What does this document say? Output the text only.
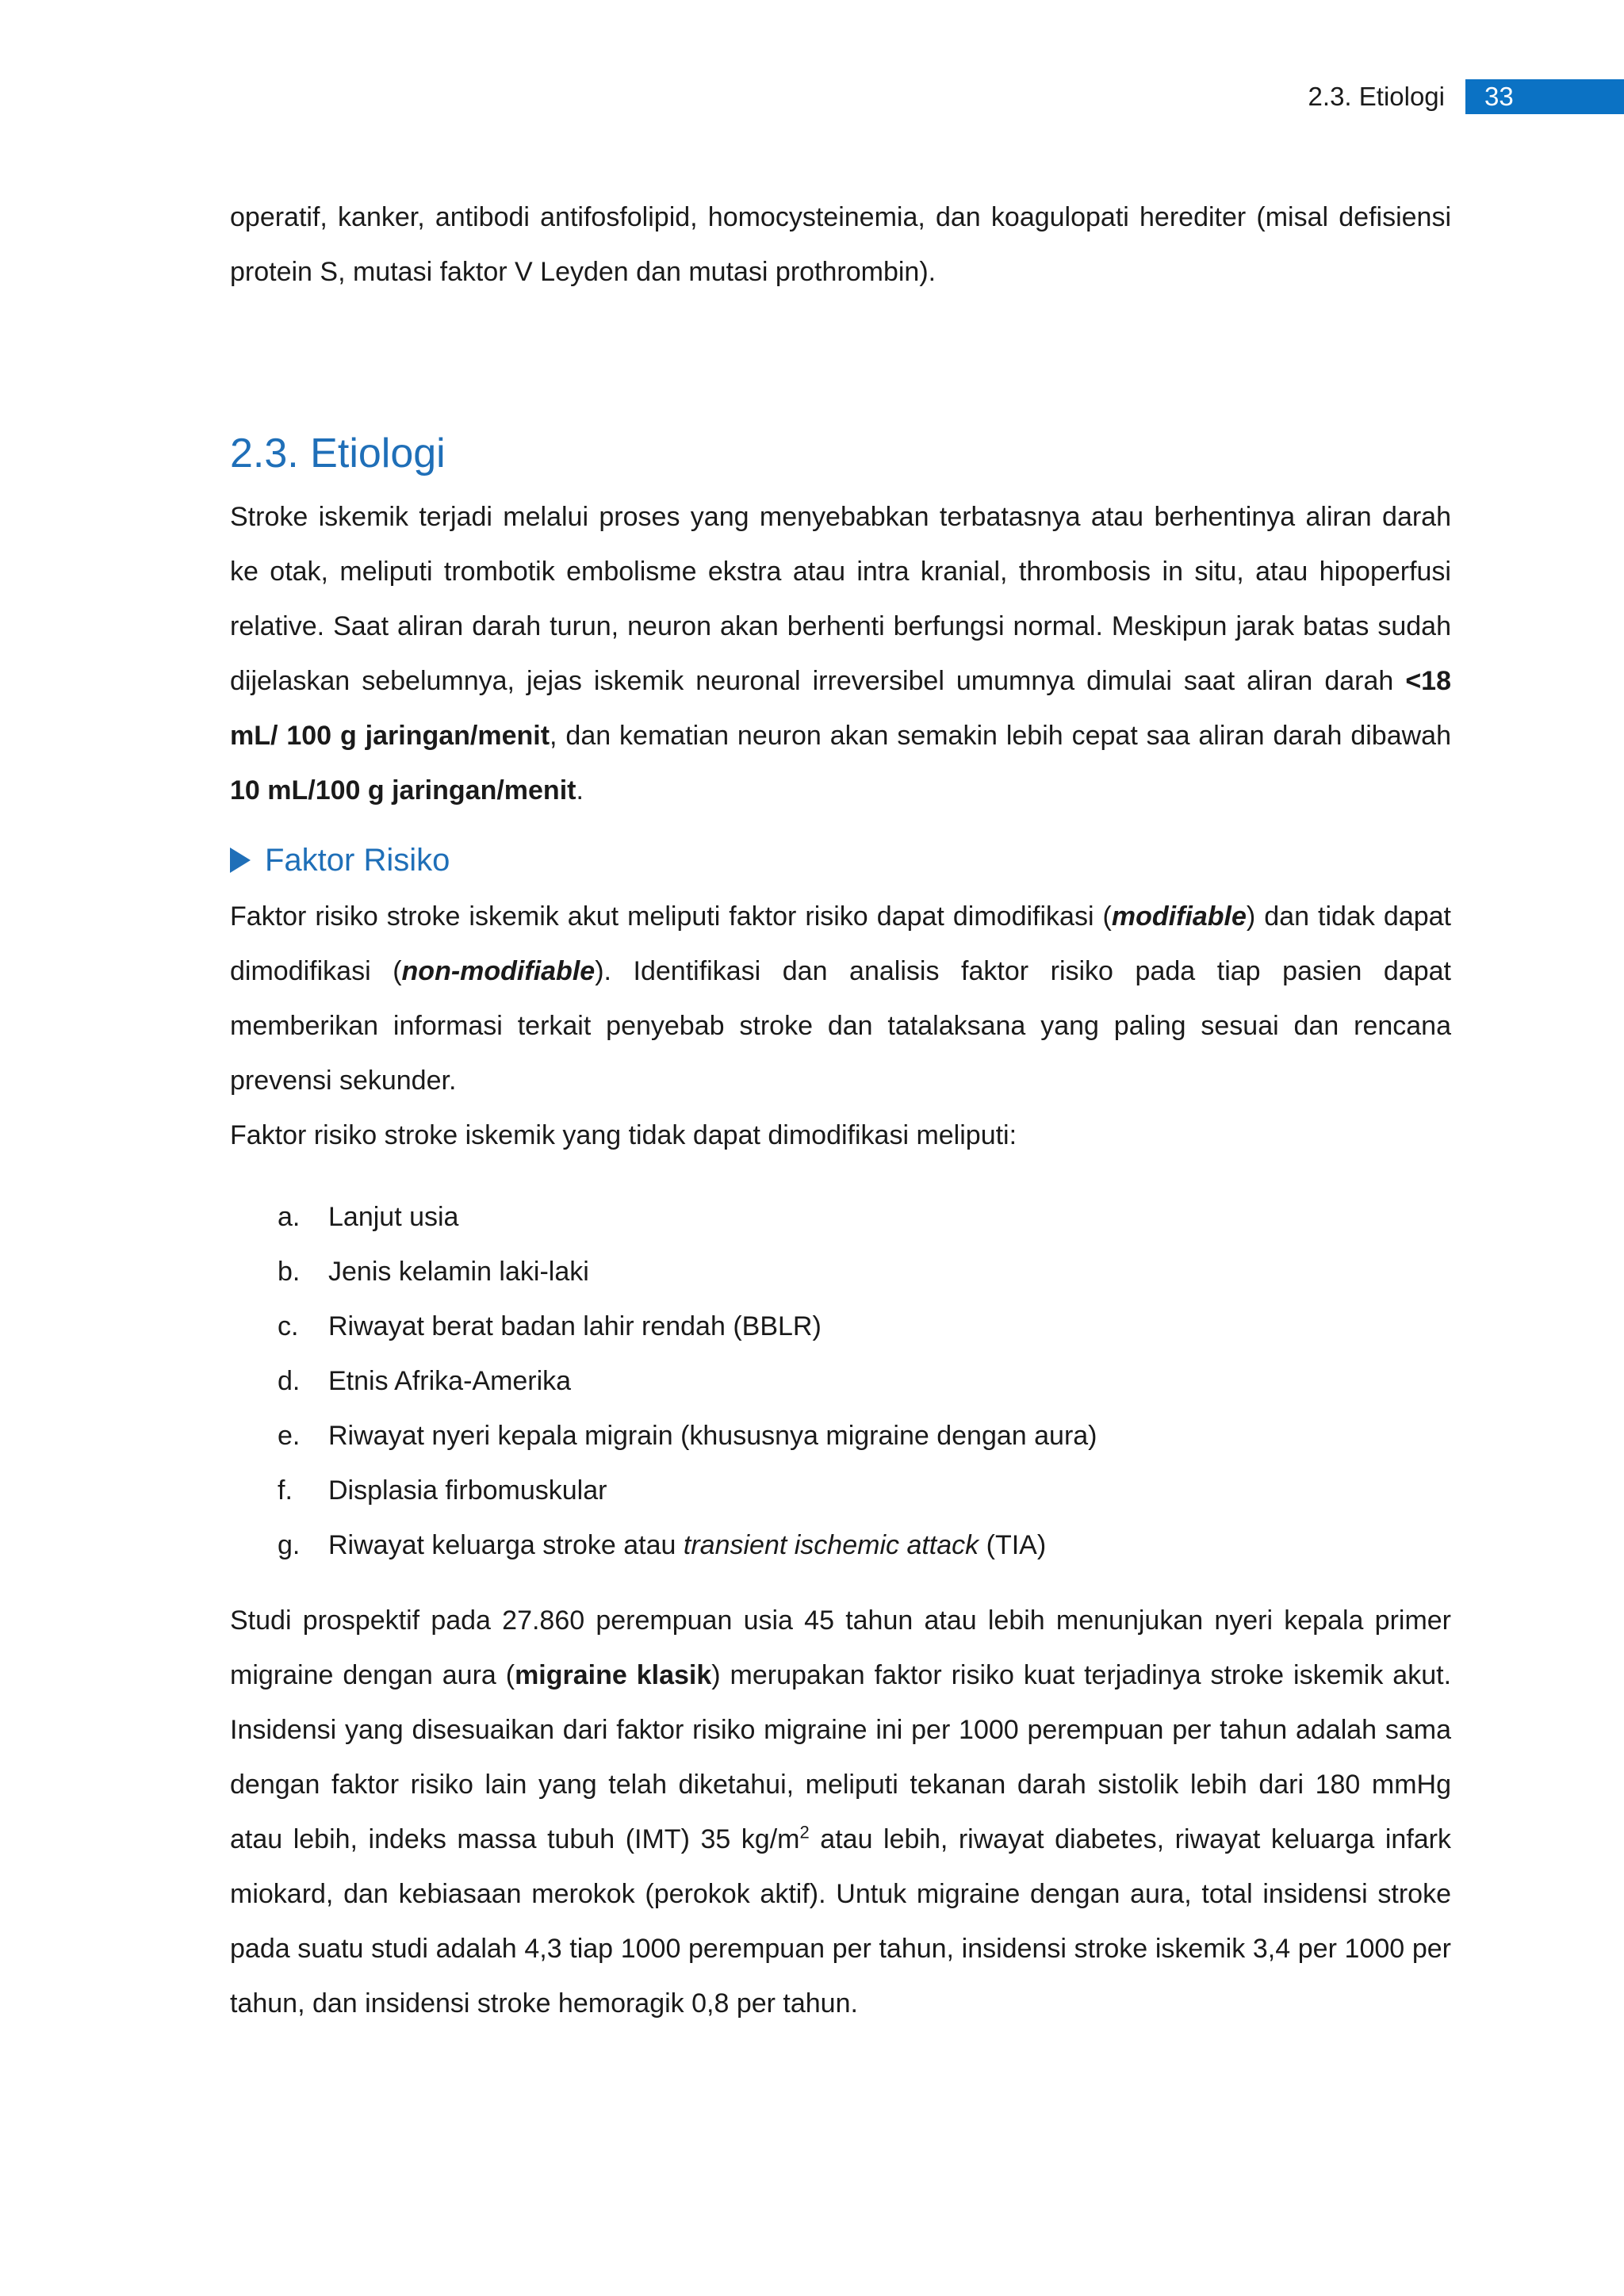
2.3. Etiologi	33

operatif, kanker, antibodi antifosfolipid, homocysteinemia, dan koagulopati herediter (misal defisiensi protein S, mutasi faktor V Leyden dan mutasi prothrombin).

2.3. Etiologi

Stroke iskemik terjadi melalui proses yang menyebabkan terbatasnya atau berhentinya aliran darah ke otak, meliputi trombotik embolisme ekstra atau intra kranial, thrombosis in situ, atau hipoperfusi relative. Saat aliran darah turun, neuron akan berhenti berfungsi normal. Meskipun jarak batas sudah dijelaskan sebelumnya, jejas iskemik neuronal irreversibel umumnya dimulai saat aliran darah <18 mL/ 100 g jaringan/menit, dan kematian neuron akan semakin lebih cepat saa aliran darah dibawah 10 mL/100 g jaringan/menit.

Faktor Risiko

Faktor risiko stroke iskemik akut meliputi faktor risiko dapat dimodifikasi (modifiable) dan tidak dapat dimodifikasi (non-modifiable). Identifikasi dan analisis faktor risiko pada tiap pasien dapat memberikan informasi terkait penyebab stroke dan tatalaksana yang paling sesuai dan rencana prevensi sekunder.

Faktor risiko stroke iskemik yang tidak dapat dimodifikasi meliputi:

a.	Lanjut usia
b.	Jenis kelamin laki-laki
c.	Riwayat berat badan lahir rendah (BBLR)
d.	Etnis Afrika-Amerika
e.	Riwayat nyeri kepala migrain (khususnya migraine dengan aura)
f.	Displasia firbomuskular
g.	Riwayat keluarga stroke atau transient ischemic attack (TIA)

Studi prospektif pada 27.860 perempuan usia 45 tahun atau lebih menunjukan nyeri kepala primer migraine dengan aura (migraine klasik) merupakan faktor risiko kuat terjadinya stroke iskemik akut. Insidensi yang disesuaikan dari faktor risiko migraine ini per 1000 perempuan per tahun adalah sama dengan faktor risiko lain yang telah diketahui, meliputi tekanan darah sistolik lebih dari 180 mmHg atau lebih, indeks massa tubuh (IMT) 35 $kg/m^2$ atau lebih, riwayat diabetes, riwayat keluarga infark miokard, dan kebiasaan merokok (perokok aktif). Untuk migraine dengan aura, total insidensi stroke pada suatu studi adalah 4,3 tiap 1000 perempuan per tahun, insidensi stroke iskemik 3,4 per 1000 per tahun, dan insidensi stroke hemoragik 0,8 per tahun.
